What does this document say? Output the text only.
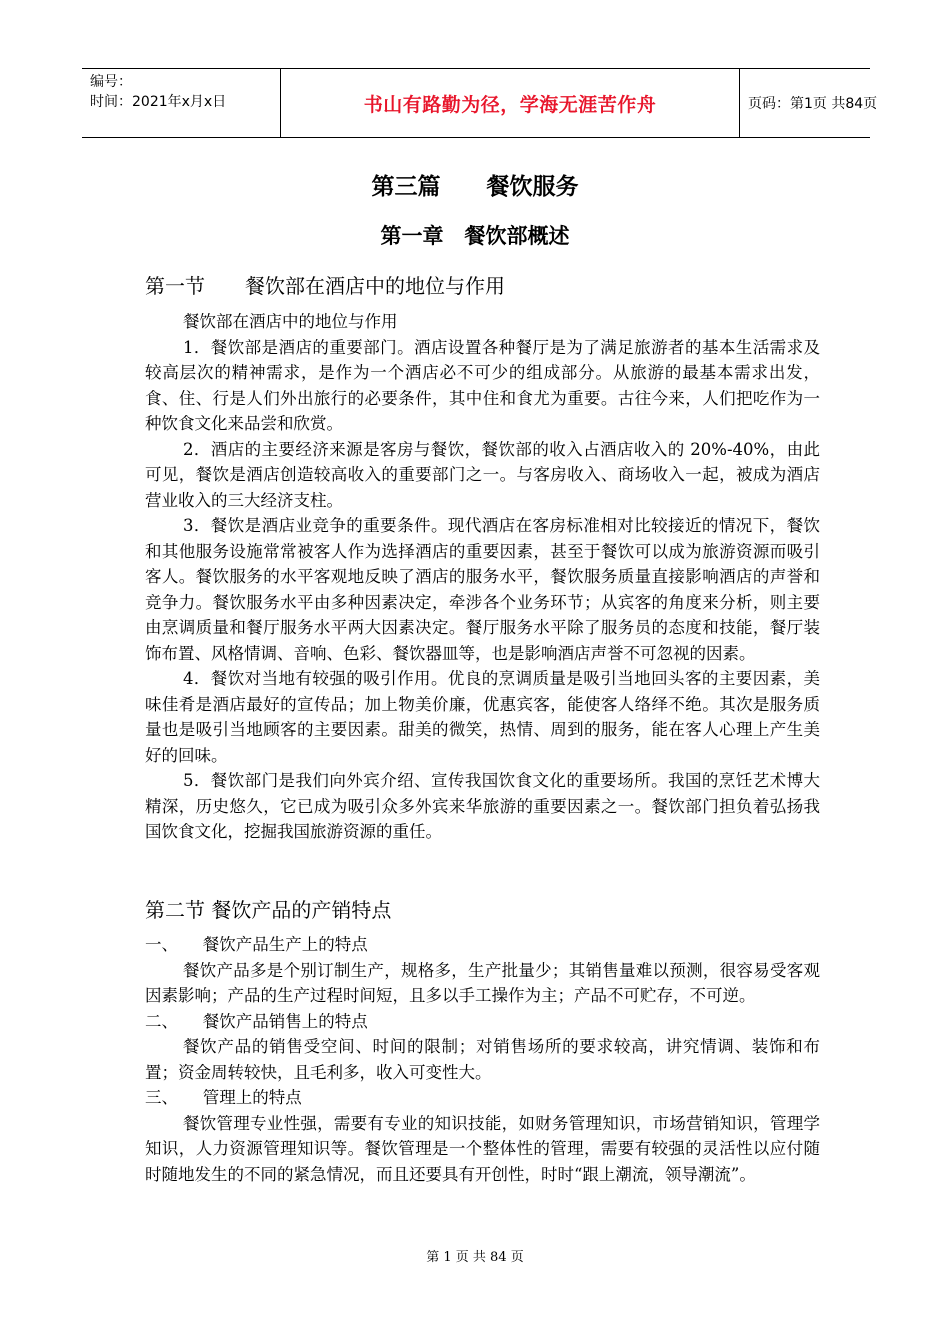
编号：
时间：2021年x月x日	书山有路勤为径，学海无涯苦作舟	页码：第1页 共84页
第三篇　　餐饮服务
第一章　餐饮部概述
第一节　　餐饮部在酒店中的地位与作用

餐饮部在酒店中的地位与作用

1．餐饮部是酒店的重要部门。酒店设置各种餐厅是为了满足旅游者的基本生活需求及较高层次的精神需求，是作为一个酒店必不可少的组成部分。从旅游的最基本需求出发，食、住、行是人们外出旅行的必要条件，其中住和食尤为重要。古往今来，人们把吃作为一种饮食文化来品尝和欣赏。

2．酒店的主要经济来源是客房与餐饮，餐饮部的收入占酒店收入的 20%-40%，由此可见，餐饮是酒店创造较高收入的重要部门之一。与客房收入、商场收入一起，被成为酒店营业收入的三大经济支柱。

3．餐饮是酒店业竞争的重要条件。现代酒店在客房标准相对比较接近的情况下，餐饮和其他服务设施常常被客人作为选择酒店的重要因素，甚至于餐饮可以成为旅游资源而吸引客人。餐饮服务的水平客观地反映了酒店的服务水平，餐饮服务质量直接影响酒店的声誉和竞争力。餐饮服务水平由多种因素决定，牵涉各个业务环节；从宾客的角度来分析，则主要由烹调质量和餐厅服务水平两大因素决定。餐厅服务水平除了服务员的态度和技能，餐厅装饰布置、风格情调、音响、色彩、餐饮器皿等，也是影响酒店声誉不可忽视的因素。

4．餐饮对当地有较强的吸引作用。优良的烹调质量是吸引当地回头客的主要因素，美味佳肴是酒店最好的宣传品；加上物美价廉，优惠宾客，能使客人络绎不绝。其次是服务质量也是吸引当地顾客的主要因素。甜美的微笑，热情、周到的服务，能在客人心理上产生美好的回味。

5．餐饮部门是我们向外宾介绍、宣传我国饮食文化的重要场所。我国的烹饪艺术博大精深，历史悠久，它已成为吸引众多外宾来华旅游的重要因素之一。餐饮部门担负着弘扬我国饮食文化，挖掘我国旅游资源的重任。

第二节 餐饮产品的产销特点

一、　　餐饮产品生产上的特点

餐饮产品多是个别订制生产，规格多，生产批量少；其销售量难以预测，很容易受客观因素影响；产品的生产过程时间短，且多以手工操作为主；产品不可贮存，不可逆。

二、　　餐饮产品销售上的特点

餐饮产品的销售受空间、时间的限制；对销售场所的要求较高，讲究情调、装饰和布置；资金周转较快，且毛利多，收入可变性大。

三、　　管理上的特点

餐饮管理专业性强，需要有专业的知识技能，如财务管理知识，市场营销知识，管理学知识，人力资源管理知识等。餐饮管理是一个整体性的管理，需要有较强的灵活性以应付随时随地发生的不同的紧急情况，而且还要具有开创性，时时“跟上潮流，领导潮流”。

第 1 页 共 84 页
